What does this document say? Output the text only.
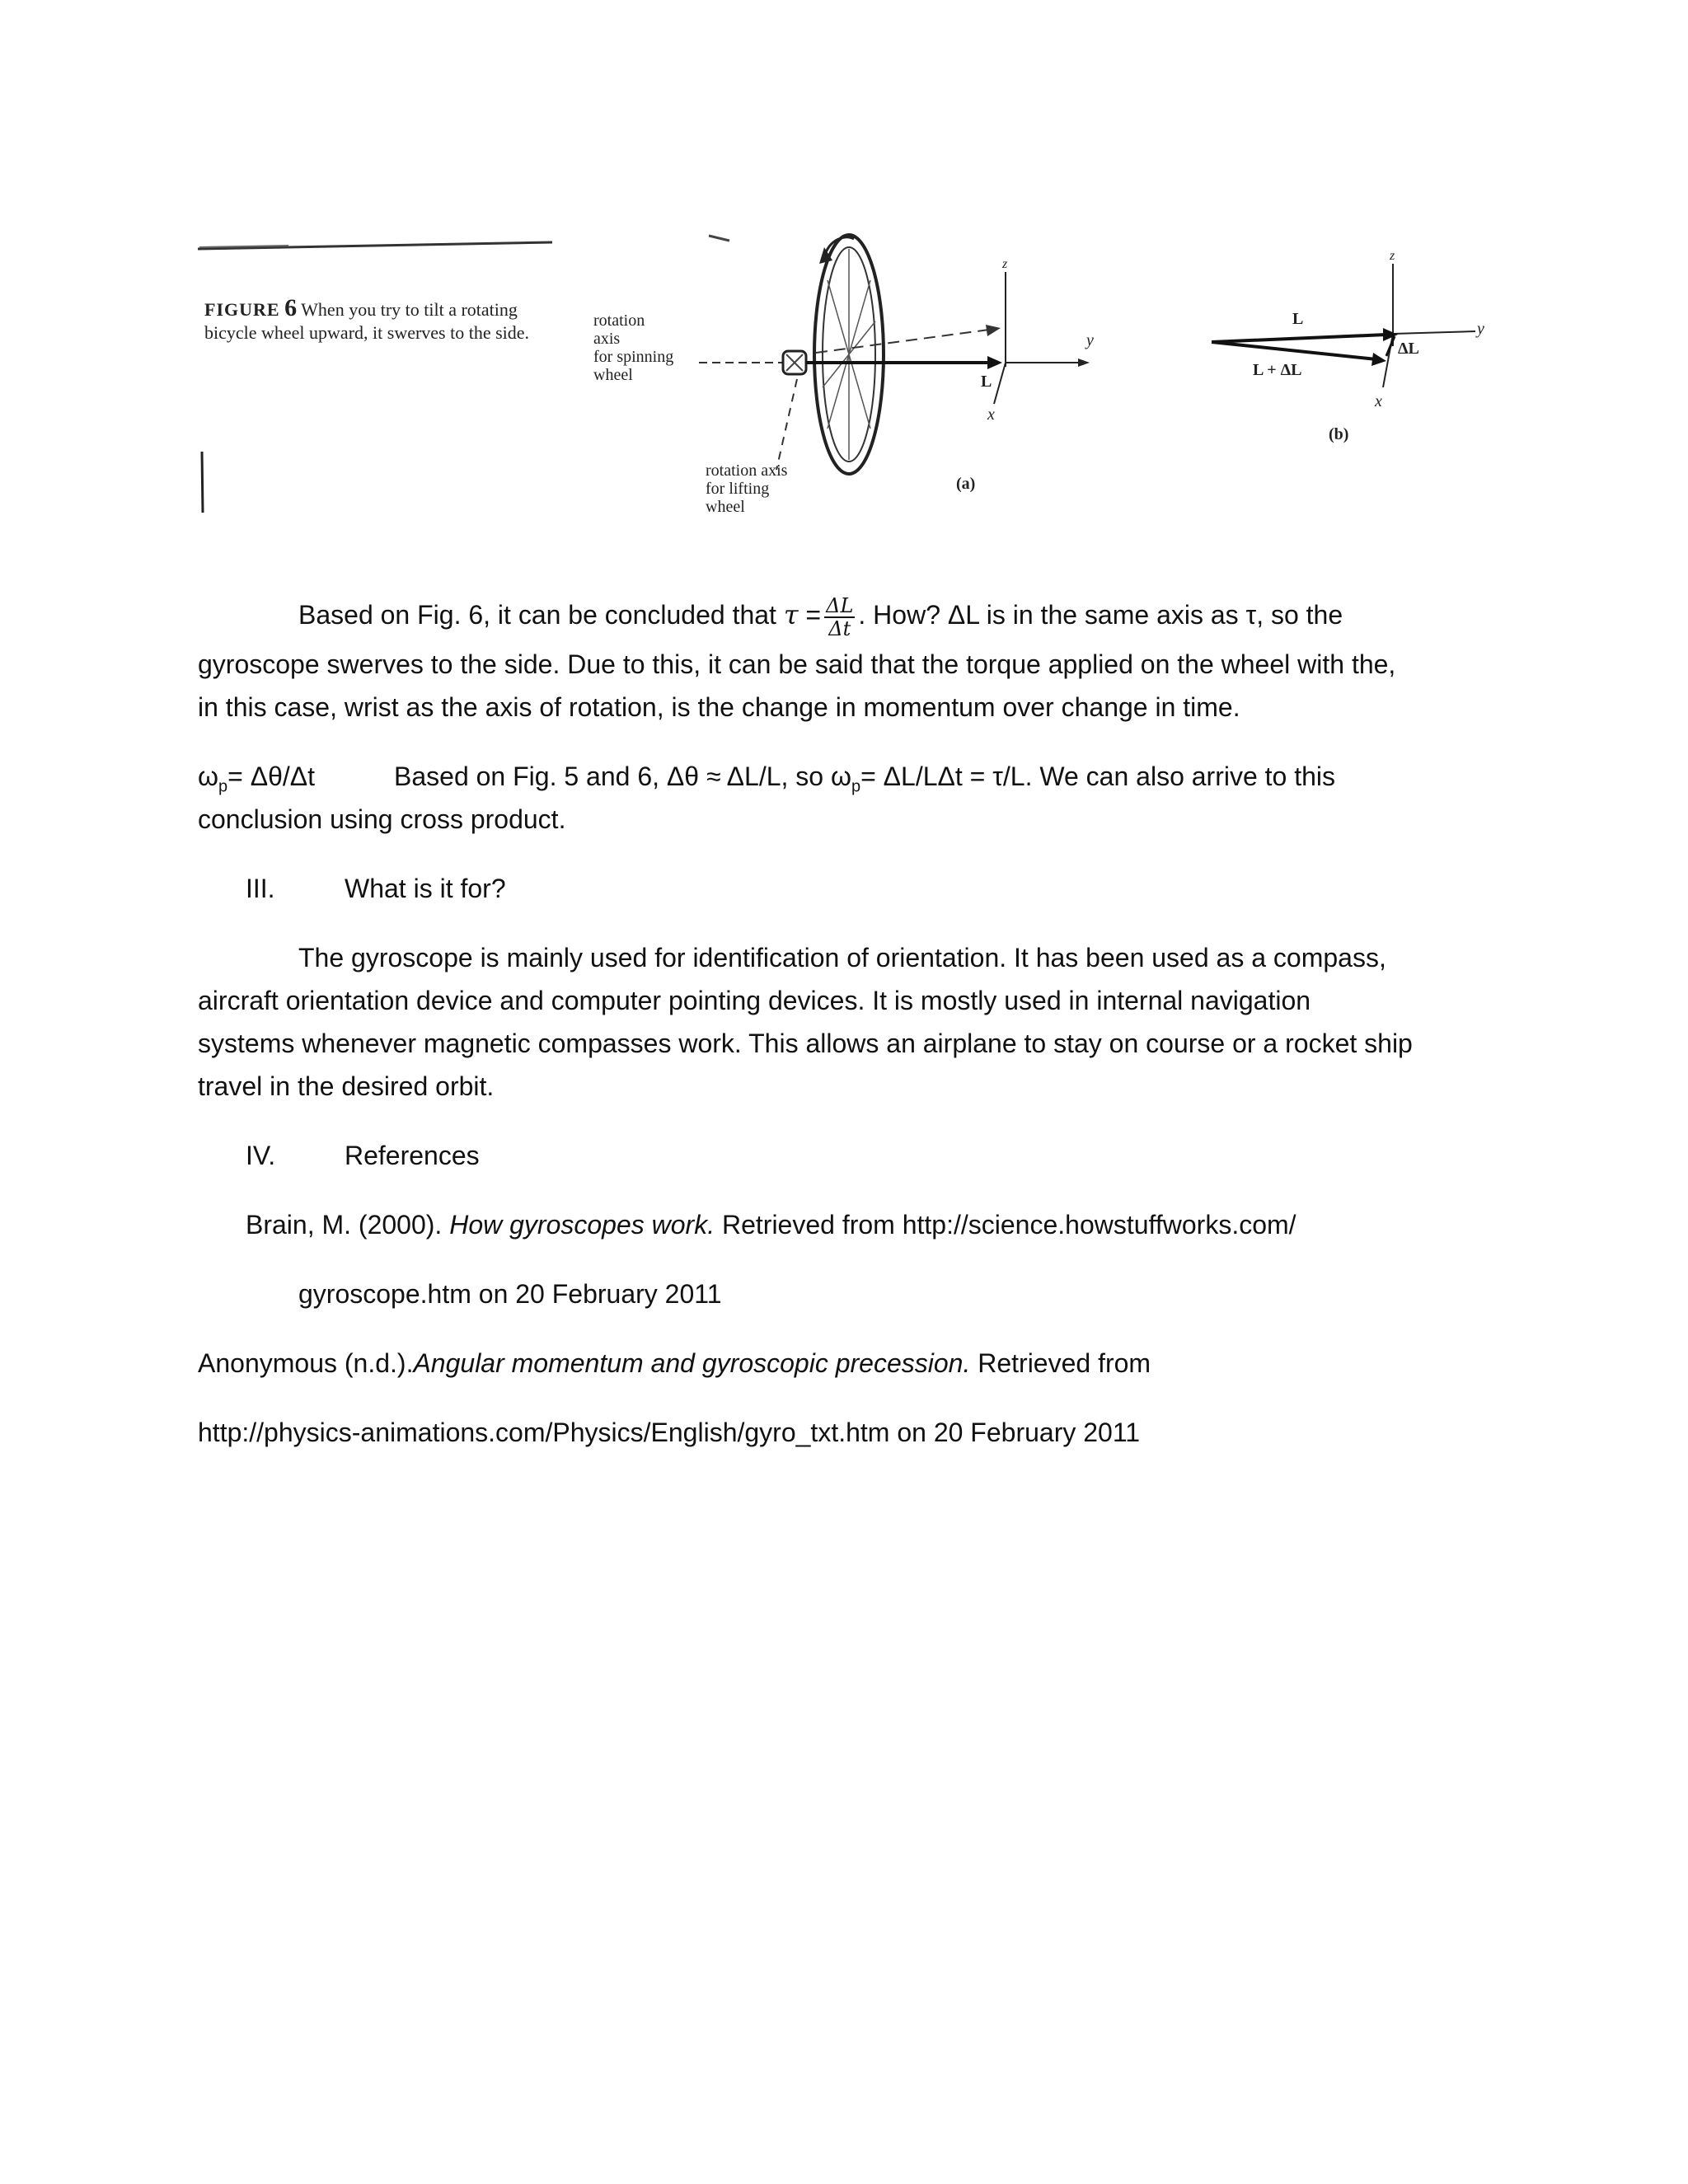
FIGURE 6 When you try to tilt a rotating bicycle wheel upward, it swerves to the side.
rotation
axis
for spinning
wheel
rotation axis
for lifting
wheel
L
y
z
x
(a)
L
L + ΔL
ΔL
y
z
x
(b)
Based on Fig. 6, it can be concluded that $\tau = \frac{\Delta L}{\Delta t}$ . How? ΔL is in the same axis as τ, so the
gyroscope swerves to the side. Due to this, it can be said that the torque applied on the wheel with the,
in this case, wrist as the axis of rotation, is the change in momentum over change in time.
$\omega_p= \Delta\theta/\Delta t$	Based on Fig. 5 and 6, Δθ ≈ ΔL/L, so $\omega_p= \Delta L/L\Delta t = \tau/L$. We can also arrive to this
conclusion using cross product.
III.	What is it for?
The gyroscope is mainly used for identification of orientation. It has been used as a compass,
aircraft orientation device and computer pointing devices. It is mostly used in internal navigation
systems whenever magnetic compasses work. This allows an airplane to stay on course or a rocket ship
travel in the desired orbit.
IV.	References
Brain, M. (2000). How gyroscopes work. Retrieved from http://science.howstuffworks.com/
gyroscope.htm on 20 February 2011
Anonymous (n.d.).Angular momentum and gyroscopic precession. Retrieved from
http://physics-animations.com/Physics/English/gyro_txt.htm on 20 February 2011
